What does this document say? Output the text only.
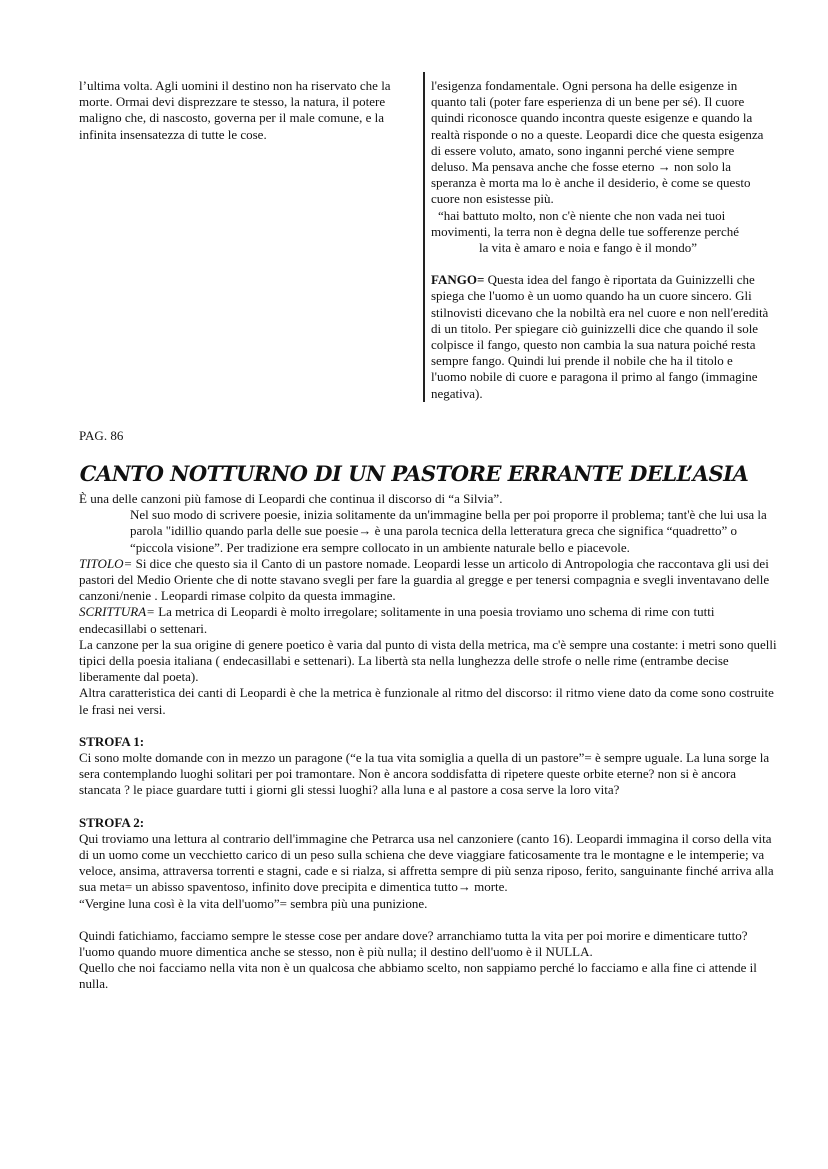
l’ultima volta. Agli uomini il destino non ha riservato che la morte. Ormai devi disprezzare te stesso, la natura, il potere maligno che, di nascosto, governa per il male comune, e la infinita insensatezza di tutte le cose.

l'esigenza fondamentale. Ogni persona ha delle esigenze in quanto tali (poter fare esperienza di un bene per sé). Il cuore quindi riconosce quando incontra queste esigenze e quando la realtà risponde o no a queste. Leopardi dice che questa esigenza di essere voluto, amato, sono inganni perché viene sempre deluso. Ma pensava anche che fosse eterno → non solo la speranza è morta ma lo è anche il desiderio, è come se questo cuore non esistesse più.

“hai battuto molto, non c'è niente che non vada nei tuoi
movimenti, la terra non è degna delle tue sofferenze perché
la vita è amaro e noia e fango è il mondo”

FANGO= Questa idea del fango è riportata da Guinizzelli che spiega che l'uomo è un uomo quando ha un cuore sincero. Gli stilnovisti dicevano che la nobiltà era nel cuore e non nell'eredità di un titolo. Per spiegare ciò guinizzelli dice che quando il sole colpisce il fango, questo non cambia la sua natura poiché resta sempre fango. Quindi lui prende il nobile che ha il titolo e l'uomo nobile di cuore e paragona il primo al fango (immagine negativa).

PAG. 86
CANTO NOTTURNO DI UN PASTORE ERRANTE DELL’ASIA

È una delle canzoni più famose di Leopardi che continua il discorso di “a Silvia”.

Nel suo modo di scrivere poesie, inizia solitamente da un'immagine bella per poi proporre il problema; tant'è che lui usa la parola "idillio quando parla delle sue poesie→ è una parola tecnica della letteratura greca che significa “quadretto” o “piccola visione”. Per tradizione era sempre collocato in un ambiente naturale bello e piacevole.

TITOLO= Si dice che questo sia il Canto di un pastore nomade. Leopardi lesse un articolo di Antropologia che raccontava gli usi dei pastori del Medio Oriente che di notte stavano svegli per fare la guardia al gregge e per tenersi compagnia e svegli inventavano delle canzoni/nenie . Leopardi rimase colpito da questa immagine.

SCRITTURA= La metrica di Leopardi è molto irregolare; solitamente in una poesia troviamo uno schema di rime con tutti endecasillabi o settenari.

La canzone per la sua origine di genere poetico è varia dal punto di vista della metrica, ma c'è sempre una costante: i metri sono quelli tipici della poesia italiana ( endecasillabi e settenari). La libertà sta nella lunghezza delle strofe o nelle rime (entrambe decise liberamente dal poeta).

Altra caratteristica dei canti di Leopardi è che la metrica è funzionale al ritmo del discorso: il ritmo viene dato da come sono costruite le frasi nei versi.

STROFA 1:

Ci sono molte domande con in mezzo un paragone (“e la tua vita somiglia a quella di un pastore”= è sempre uguale. La luna sorge la sera contemplando luoghi solitari per poi tramontare. Non è ancora soddisfatta di ripetere queste orbite eterne? non si è ancora stancata ? le piace guardare tutti i giorni gli stessi luoghi? alla luna e al pastore a cosa serve la loro vita?

STROFA 2:

Qui troviamo una lettura al contrario dell'immagine che Petrarca usa nel canzoniere (canto 16). Leopardi immagina il corso della vita di un uomo come un vecchietto carico di un peso sulla schiena che deve viaggiare faticosamente tra le montagne e le intemperie; va veloce, ansima, attraversa torrenti e stagni, cade e si rialza, si affretta sempre di più senza riposo, ferito, sanguinante finché arriva alla sua meta= un abisso spaventoso, infinito dove precipita e dimentica tutto→ morte.

“Vergine luna così è la vita dell'uomo”= sembra più una punizione.

Quindi fatichiamo, facciamo sempre le stesse cose per andare dove? arranchiamo tutta la vita per poi morire e dimenticare tutto? l'uomo quando muore dimentica anche se stesso, non è più nulla; il destino dell'uomo è il NULLA.

Quello che noi facciamo nella vita non è un qualcosa che abbiamo scelto, non sappiamo perché lo facciamo e alla fine ci attende il nulla.
